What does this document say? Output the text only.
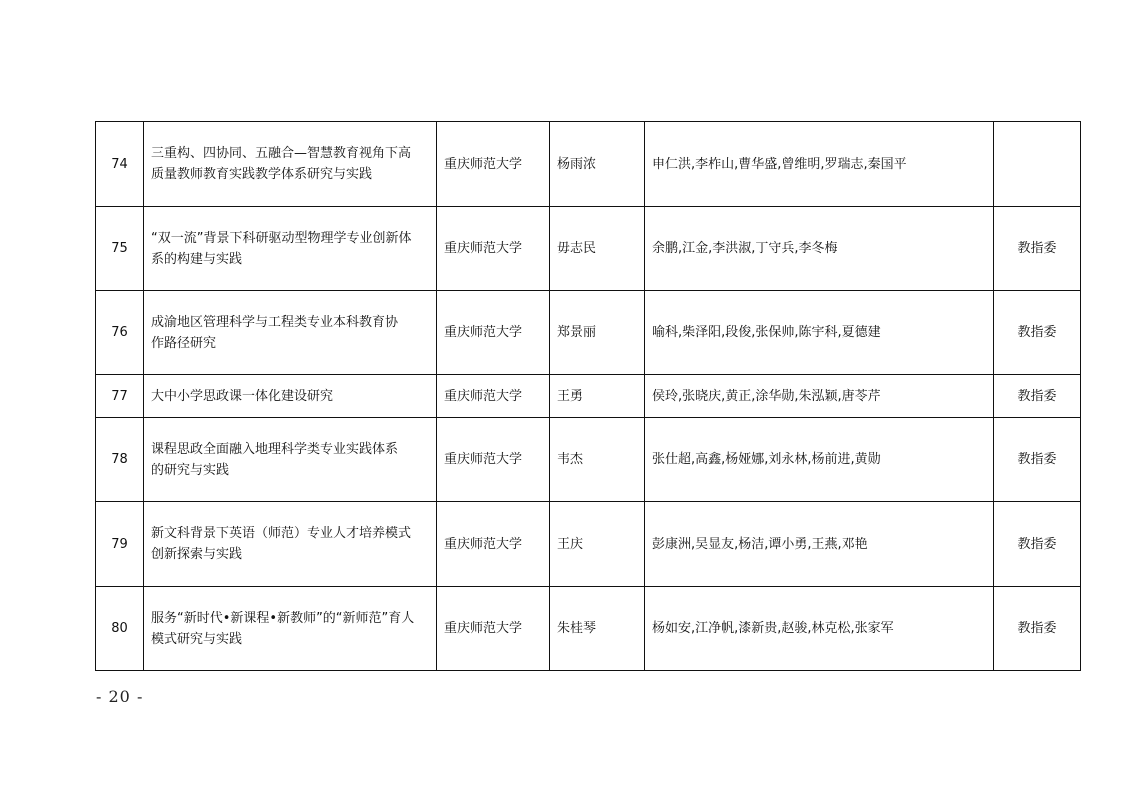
74	三重构、四协同、五融合—智慧教育视角下高
质量教师教育实践教学体系研究与实践	重庆师范大学	杨雨浓	申仁洪,李柞山,曹华盛,曾维明,罗瑞志,秦国平	
75	“双一流”背景下科研驱动型物理学专业创新体
系的构建与实践	重庆师范大学	毋志民	余鹏,江金,李洪淑,丁守兵,李冬梅	教指委
76	成渝地区管理科学与工程类专业本科教育协
作路径研究	重庆师范大学	郑景丽	喻科,柴泽阳,段俊,张保帅,陈宇科,夏德建	教指委
77	大中小学思政课一体化建设研究	重庆师范大学	王勇	侯玲,张晓庆,黄正,涂华勋,朱泓颖,唐苓芹	教指委
78	课程思政全面融入地理科学类专业实践体系
的研究与实践	重庆师范大学	韦杰	张仕超,高鑫,杨娅娜,刘永林,杨前进,黄勋	教指委
79	新文科背景下英语（师范）专业人才培养模式
创新探索与实践	重庆师范大学	王庆	彭康洲,吴显友,杨洁,谭小勇,王燕,邓艳	教指委
80	服务“新时代•新课程•新教师”的“新师范”育人
模式研究与实践	重庆师范大学	朱桂琴	杨如安,江净帆,漆新贵,赵骏,林克松,张家军	教指委
- 20 -
